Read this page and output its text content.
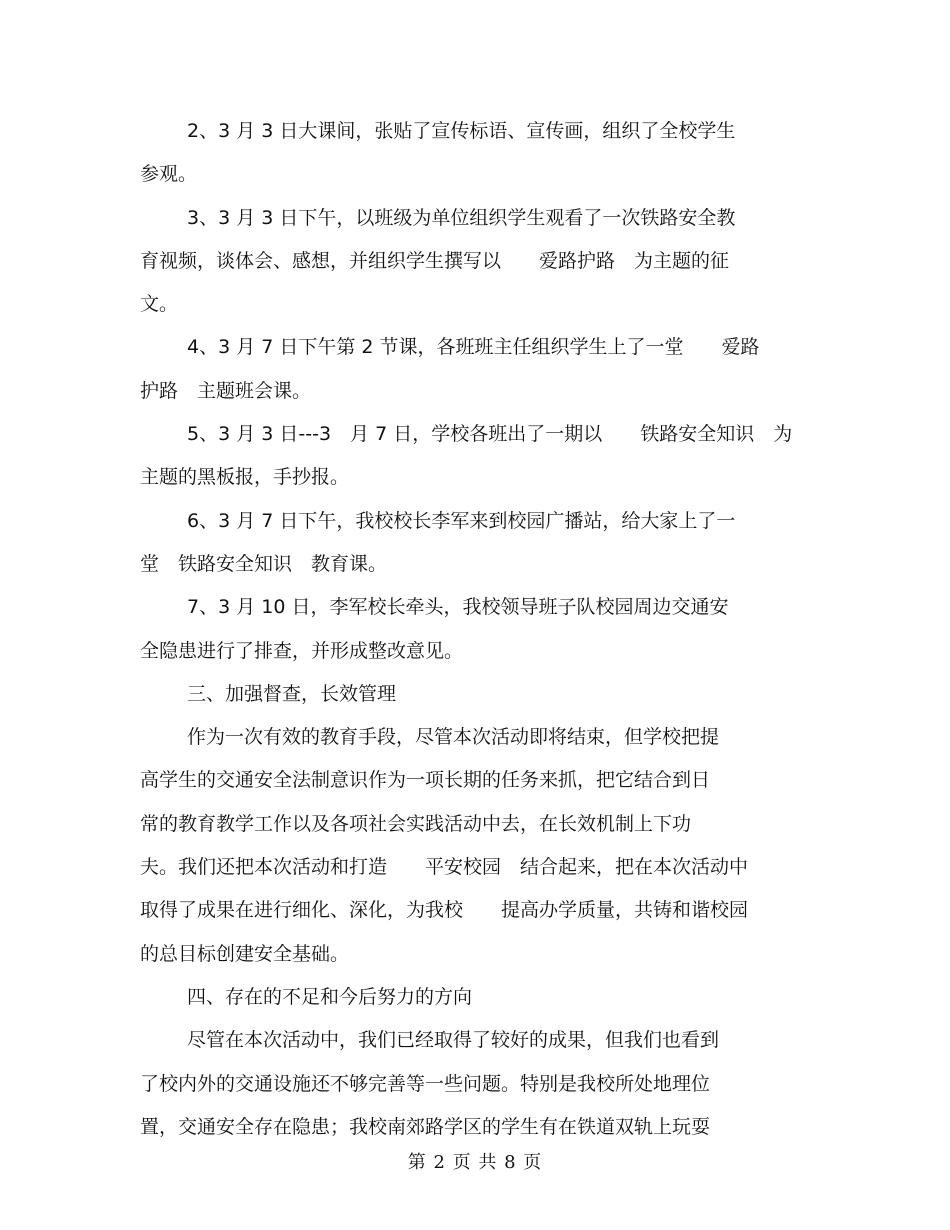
2、3 月 3 日大课间，张贴了宣传标语、宣传画，组织了全校学生
参观。
3、3 月 3 日下午，以班级为单位组织学生观看了一次铁路安全教
育视频，谈体会、感想，并组织学生撰写以　　爱路护路　为主题的征
文。
4、3 月 7 日下午第 2 节课，各班班主任组织学生上了一堂　　爱路
护路　主题班会课。
5、3 月 3 日---3　月 7 日，学校各班出了一期以　　铁路安全知识　为
主题的黑板报，手抄报。
6、3 月 7 日下午，我校校长李军来到校园广播站，给大家上了一
堂　铁路安全知识　教育课。
7、3 月 10 日，李军校长牵头，我校领导班子队校园周边交通安
全隐患进行了排查，并形成整改意见。
三、加强督查，长效管理
作为一次有效的教育手段，尽管本次活动即将结束，但学校把提
高学生的交通安全法制意识作为一项长期的任务来抓，把它结合到日
常的教育教学工作以及各项社会实践活动中去，在长效机制上下功
夫。我们还把本次活动和打造　　平安校园　结合起来，把在本次活动中
取得了成果在进行细化、深化，为我校　　提高办学质量，共铸和谐校园
的总目标创建安全基础。
四、存在的不足和今后努力的方向
尽管在本次活动中，我们已经取得了较好的成果，但我们也看到
了校内外的交通设施还不够完善等一些问题。特别是我校所处地理位
置，交通安全存在隐患；我校南郊路学区的学生有在铁道双轨上玩耍
第 2 页 共 8 页
